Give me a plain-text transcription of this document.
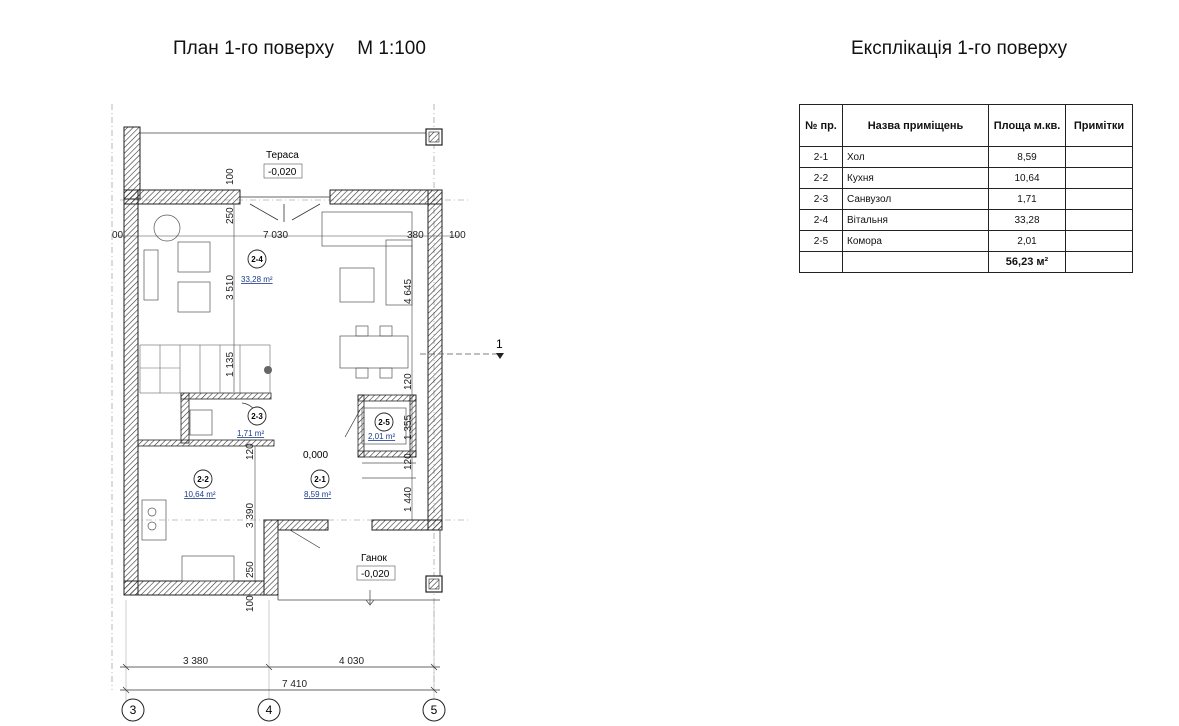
План 1-го поверху М 1:100	Експлікація 1-го поверху
1
Тераса
-0,020
Ганок
-0,020
0,000
2-4
33,28 m²
2-3
1,71 m²
2-5
2,01 m²
2-2
10,64 m²
2-1
8,59 m²
00	7 030	380	100
100
250
3 510
1 135
120
3 390
250
100
4 645
120
1 355
120
1 440
3 380	4 030
7 410
3	4	5
№ пр.	Назва приміщень	Площа м.кв.	Примітки
2-1	Хол	8,59	
2-2	Кухня	10,64	
2-3	Санвузол	1,71	
2-4	Вітальня	33,28	
2-5	Комора	2,01	
		56,23 м²	
